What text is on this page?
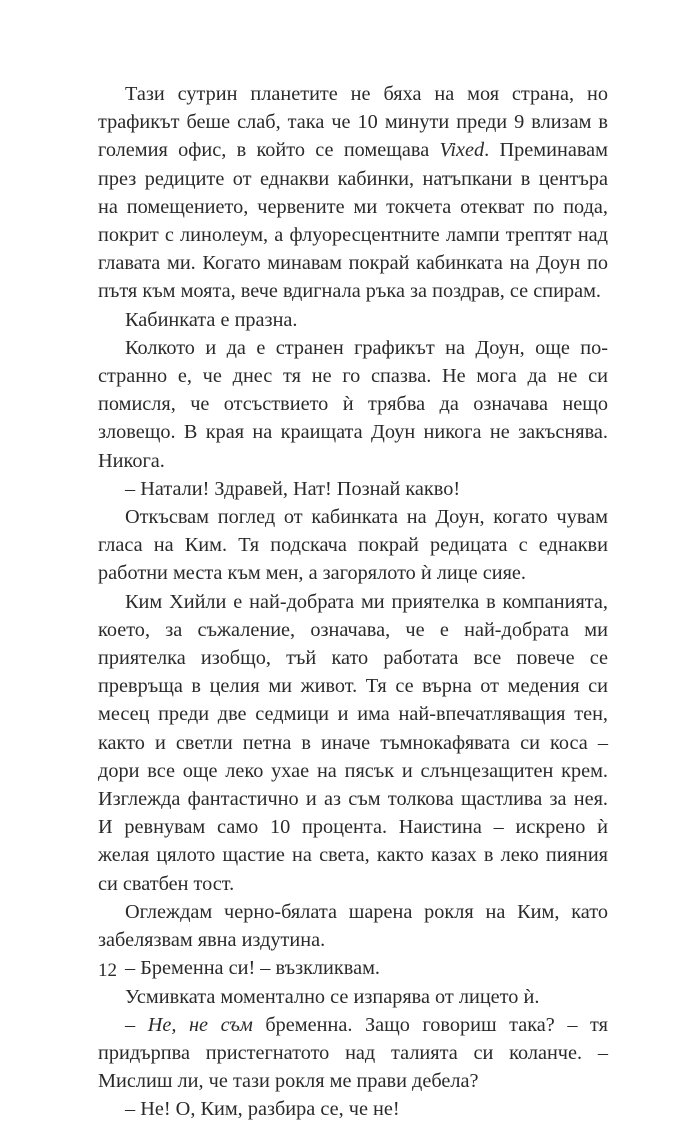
Тази сутрин планетите не бяха на моя страна, но трафикът беше слаб, така че 10 минути преди 9 влизам в големия офис, в който се помещава Vixed. Преминавам през редиците от еднакви кабинки, натъпкани в центъра на помещението, червените ми токчета отекват по пода, покрит с линолеум, а флуоресцентните лампи трептят над главата ми. Когато минавам покрай кабинката на Доун по пътя към моята, вече вдигнала ръка за поздрав, се спирам.

Кабинката е празна.

Колкото и да е странен графикът на Доун, още по-странно е, че днес тя не го спазва. Не мога да не си помисля, че отсъствието ѝ трябва да означава нещо зловещо. В края на краищата Доун никога не закъснява. Никога.

– Натали! Здравей, Нат! Познай какво!

Откъсвам поглед от кабинката на Доун, когато чувам гласа на Ким. Тя подскача покрай редицата с еднакви работни места към мен, а загорялото ѝ лице сияе.

Ким Хийли е най-добрата ми приятелка в компанията, което, за съжаление, означава, че е най-добрата ми приятелка изобщо, тъй като работата все повече се превръща в целия ми живот. Тя се върна от медения си месец преди две седмици и има най-впечатляващия тен, както и светли петна в иначе тъмнокафявата си коса – дори все още леко ухае на пясък и слънцезащитен крем. Изглежда фантастично и аз съм толкова щастлива за нея. И ревнувам само 10 процента. Наистина – искрено ѝ желая цялото щастие на света, както казах в леко пияния си сватбен тост.

Оглеждам черно-бялата шарена рокля на Ким, като забелязвам явна издутина.

– Бременна си! – възкликвам.

Усмивката моментално се изпарява от лицето ѝ.

– Не, не съм бременна. Защо говориш така? – тя придърпва пристегнатото над талията си коланче. – Мислиш ли, че тази рокля ме прави дебела?

– Не! О, Ким, разбира се, че не!

12
